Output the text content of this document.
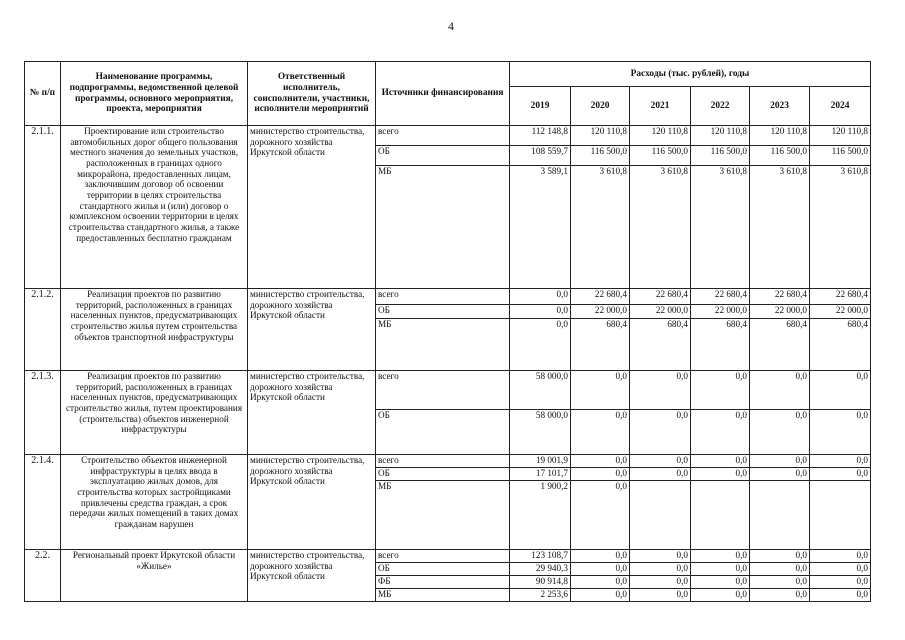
4
№ п/п	Наименование программы, подпрограммы, ведомственной целевой программы, основного мероприятия, проекта, мероприятия	Ответственный исполнитель, соисполнители, участники, исполнители мероприятий	Источники финансирования	Расходы (тыс. рублей), годы					
				2019	2020	2021	2022	2023	2024
2.1.1.	Проектирование или строительство автомобильных дорог общего пользования местного значения до земельных участков, расположенных в границах одного микрорайона, предоставленных лицам, заключившим договор об освоении территории в целях строительства стандартного жилья и (или) договор о комплексном освоении территории в целях строительства стандартного жилья, а также предоставленных бесплатно гражданам	министерство строительства, дорожного хозяйства Иркутской области	всего	112 148,8	120 110,8	120 110,8	120 110,8	120 110,8	120 110,8
			ОБ	108 559,7	116 500,0	116 500,0	116 500,0	116 500,0	116 500,0
			МБ	3 589,1	3 610,8	3 610,8	3 610,8	3 610,8	3 610,8
2.1.2.	Реализация проектов по развитию территорий, расположенных в границах населенных пунктов, предусматривающих строительство жилья путем строительства объектов транспортной инфраструктуры	министерство строительства, дорожного хозяйства Иркутской области	всего	0,0	22 680,4	22 680,4	22 680,4	22 680,4	22 680,4
			ОБ	0,0	22 000,0	22 000,0	22 000,0	22 000,0	22 000,0
			МБ	0,0	680,4	680,4	680,4	680,4	680,4
2.1.3.	Реализация проектов по развитию территорий, расположенных в границах населенных пунктов, предусматривающих строительство жилья, путем проектирования (строительства) объектов инженерной инфраструктуры	министерство строительства, дорожного хозяйства Иркутской области	всего	58 000,0	0,0	0,0	0,0	0,0	0,0
			ОБ	58 000,0	0,0	0,0	0,0	0,0	0,0
2.1.4.	Строительство объектов инженерной инфраструктуры в целях ввода в эксплуатацию жилых домов, для строительства которых застройщиками привлечены средства граждан, а срок передачи жилых помещений в таких домах гражданам нарушен	министерство строительства, дорожного хозяйства Иркутской области	всего	19 001,9	0,0	0,0	0,0	0,0	0,0
			ОБ	17 101,7	0,0	0,0	0,0	0,0	0,0
			МБ	1 900,2	0,0				
2.2.	Региональный проект Иркутской области «Жилье»	министерство строительства, дорожного хозяйства Иркутской области	всего	123 108,7	0,0	0,0	0,0	0,0	0,0
			ОБ	29 940,3	0,0	0,0	0,0	0,0	0,0
			ФБ	90 914,8	0,0	0,0	0,0	0,0	0,0
			МБ	2 253,6	0,0	0,0	0,0	0,0	0,0
